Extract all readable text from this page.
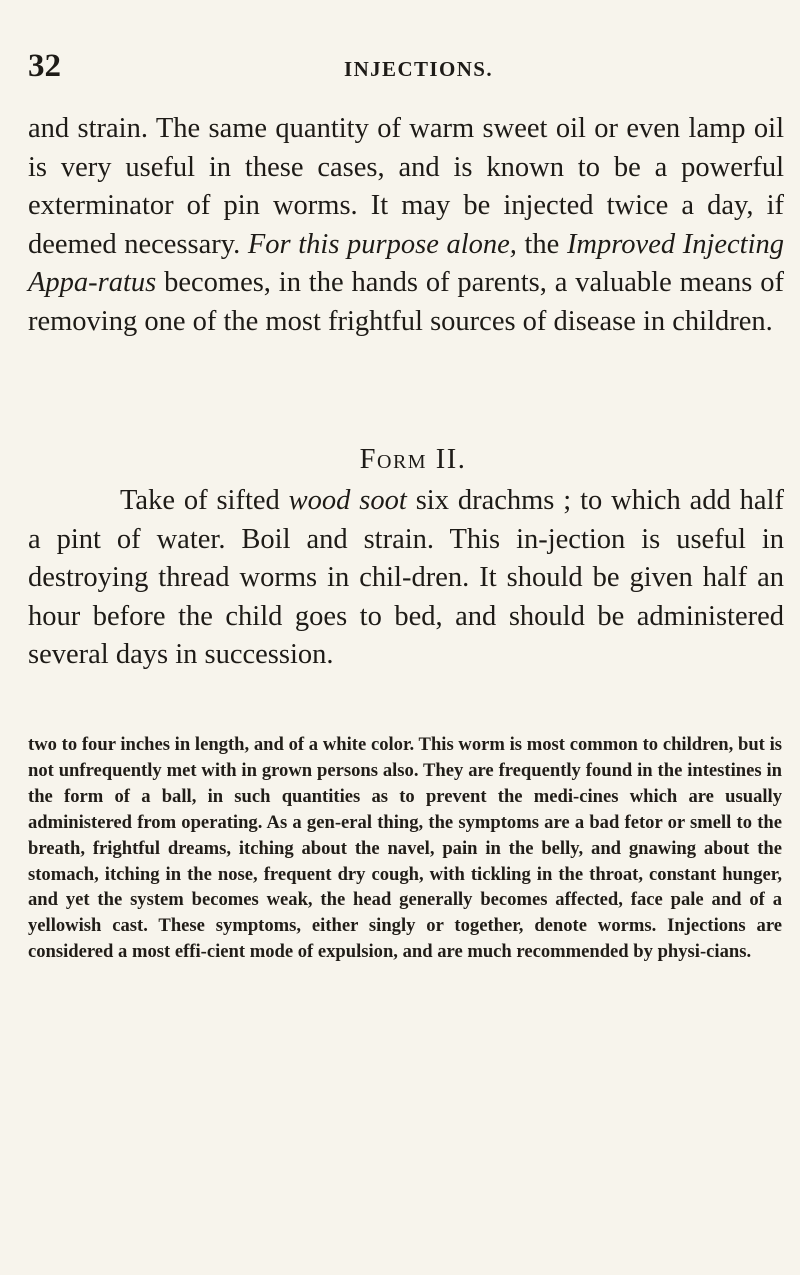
32	INJECTIONS.

and strain. The same quantity of warm sweet oil or even lamp oil is very useful in these cases, and is known to be a powerful exterminator of pin worms. It may be injected twice a day, if deemed necessary. For this purpose alone, the Improved Injecting Appa-ratus becomes, in the hands of parents, a valuable means of removing one of the most frightful sources of disease in children.

Form II.

Take of sifted wood soot six drachms ; to which add half a pint of water. Boil and strain. This in-jection is useful in destroying thread worms in chil-dren. It should be given half an hour before the child goes to bed, and should be administered several days in succession.

two to four inches in length, and of a white color. This worm is most common to children, but is not unfrequently met with in grown persons also. They are frequently found in the intestines in the form of a ball, in such quantities as to prevent the medi-cines which are usually administered from operating. As a gen-eral thing, the symptoms are a bad fetor or smell to the breath, frightful dreams, itching about the navel, pain in the belly, and gnawing about the stomach, itching in the nose, frequent dry cough, with tickling in the throat, constant hunger, and yet the system becomes weak, the head generally becomes affected, face pale and of a yellowish cast. These symptoms, either singly or together, denote worms. Injections are considered a most effi-cient mode of expulsion, and are much recommended by physi-cians.
